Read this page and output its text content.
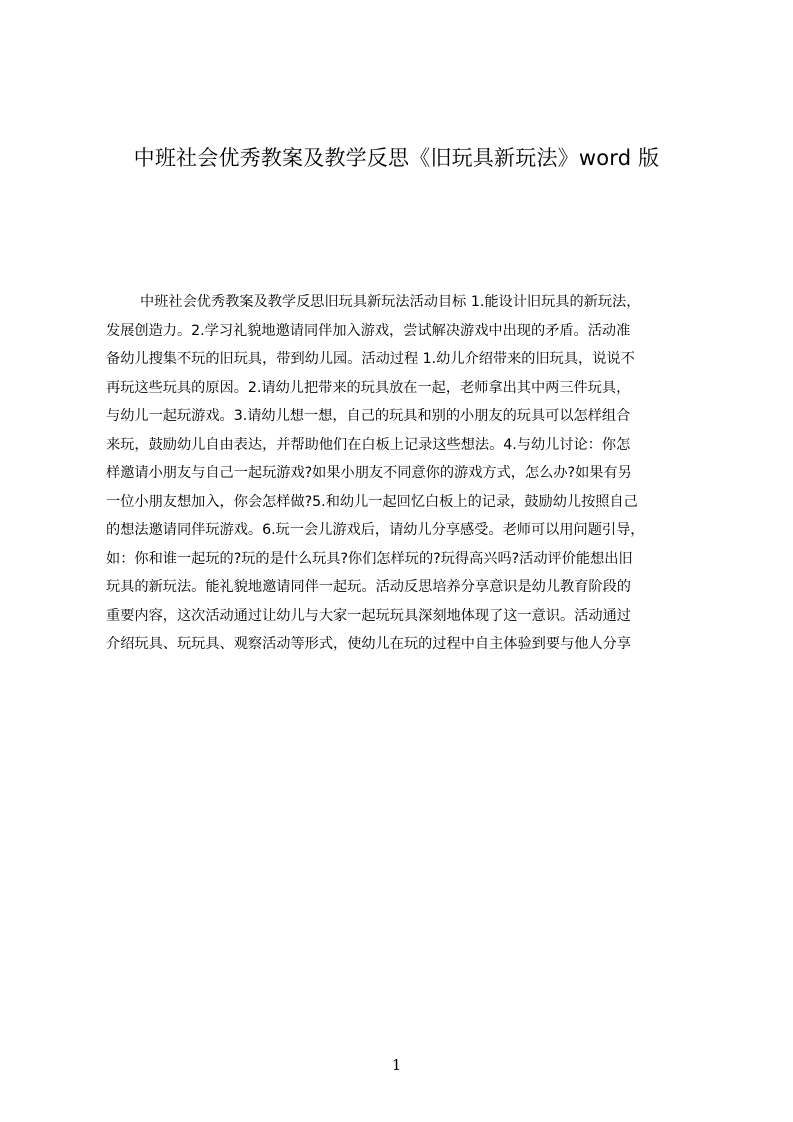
中班社会优秀教案及教学反思《旧玩具新玩法》word 版
中班社会优秀教案及教学反思旧玩具新玩法活动目标 1.能设计旧玩具的新玩法，
发展创造力。2.学习礼貌地邀请同伴加入游戏，尝试解决游戏中出现的矛盾。活动准
备幼儿搜集不玩的旧玩具，带到幼儿园。活动过程 1.幼儿介绍带来的旧玩具，说说不
再玩这些玩具的原因。2.请幼儿把带来的玩具放在一起，老师拿出其中两三件玩具，
与幼儿一起玩游戏。3.请幼儿想一想，自己的玩具和别的小朋友的玩具可以怎样组合
来玩，鼓励幼儿自由表达，并帮助他们在白板上记录这些想法。4.与幼儿讨论：你怎
样邀请小朋友与自己一起玩游戏?如果小朋友不同意你的游戏方式，怎么办?如果有另
一位小朋友想加入，你会怎样做?5.和幼儿一起回忆白板上的记录，鼓励幼儿按照自己
的想法邀请同伴玩游戏。6.玩一会儿游戏后，请幼儿分享感受。老师可以用问题引导，
如：你和谁一起玩的?玩的是什么玩具?你们怎样玩的?玩得高兴吗?活动评价能想出旧
玩具的新玩法。能礼貌地邀请同伴一起玩。活动反思培养分享意识是幼儿教育阶段的
重要内容，这次活动通过让幼儿与大家一起玩玩具深刻地体现了这一意识。活动通过
介绍玩具、玩玩具、观察活动等形式，使幼儿在玩的过程中自主体验到要与他人分享
1
